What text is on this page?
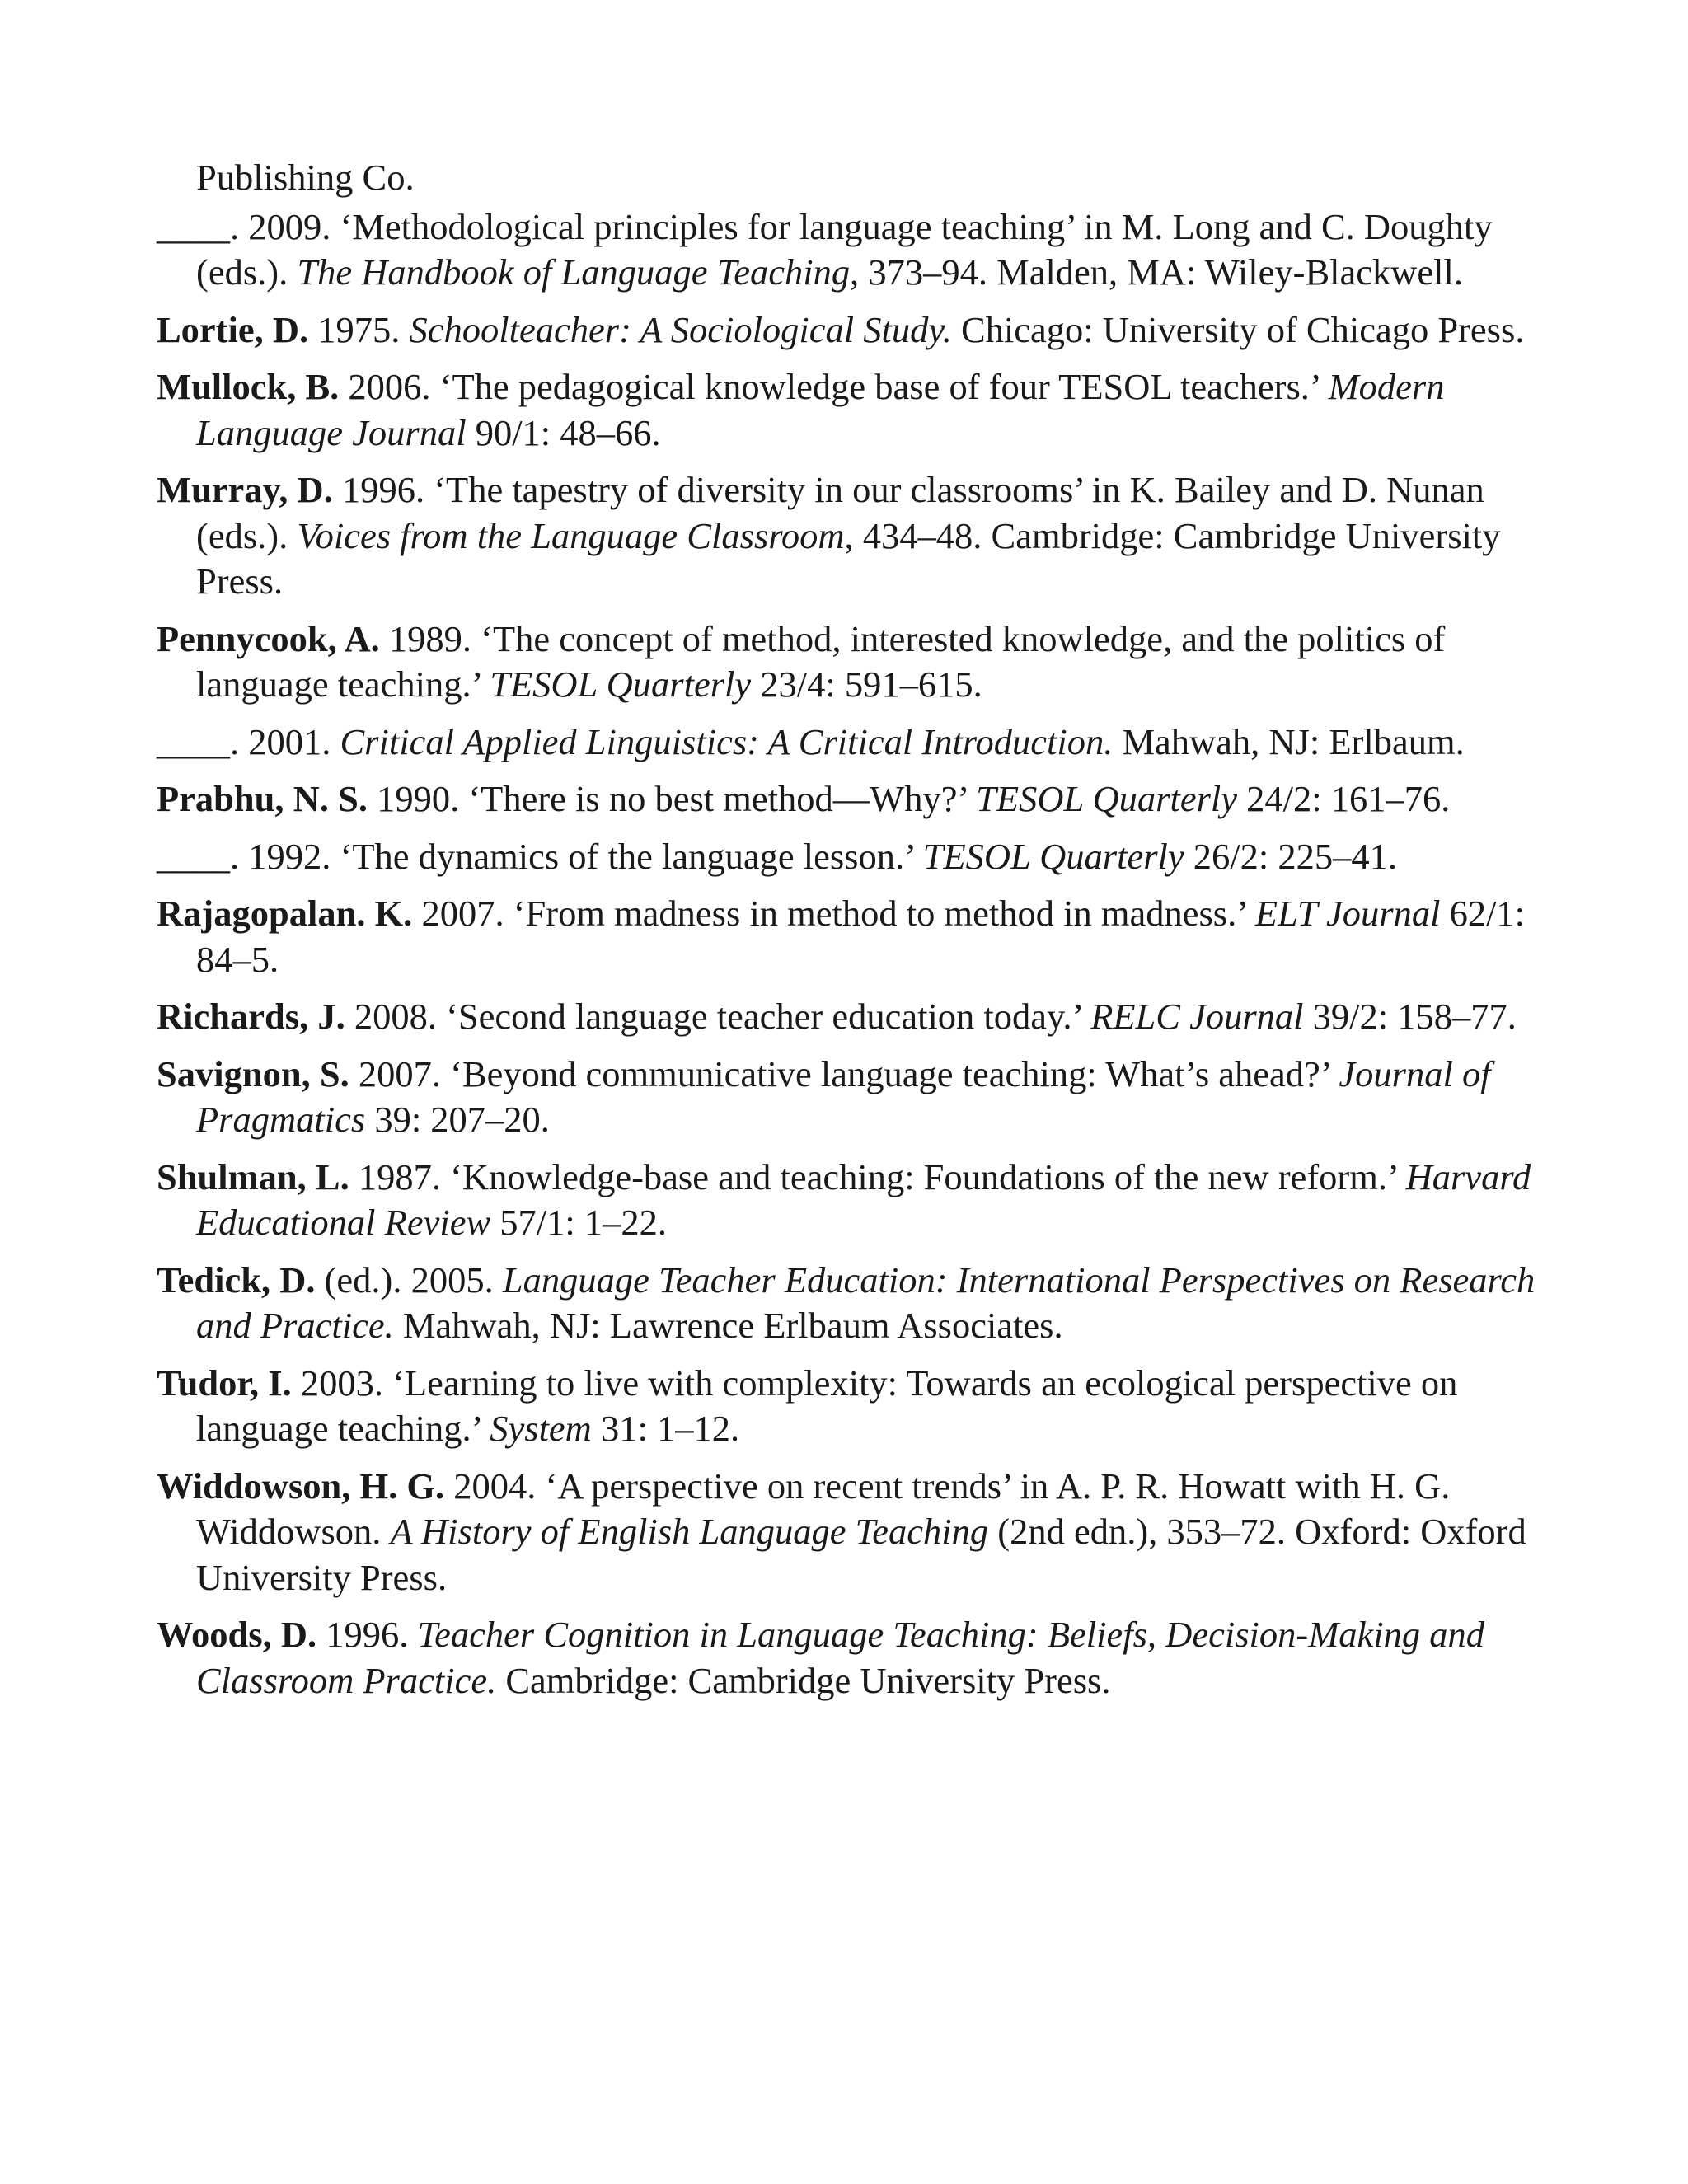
Publishing Co.

____. 2009. ‘Methodological principles for language teaching’ in M. Long and C. Doughty (eds.). The Handbook of Language Teaching, 373–94. Malden, MA: Wiley-Blackwell.

Lortie, D. 1975. Schoolteacher: A Sociological Study. Chicago: University of Chicago Press.

Mullock, B. 2006. ‘The pedagogical knowledge base of four TESOL teachers.’ Modern Language Journal 90/1: 48–66.

Murray, D. 1996. ‘The tapestry of diversity in our classrooms’ in K. Bailey and D. Nunan (eds.). Voices from the Language Classroom, 434–48. Cambridge: Cambridge University Press.

Pennycook, A. 1989. ‘The concept of method, interested knowledge, and the politics of language teaching.’ TESOL Quarterly 23/4: 591–615.

____. 2001. Critical Applied Linguistics: A Critical Introduction. Mahwah, NJ: Erlbaum.

Prabhu, N. S. 1990. ‘There is no best method—Why?’ TESOL Quarterly 24/2: 161–76.

____. 1992. ‘The dynamics of the language lesson.’ TESOL Quarterly 26/2: 225–41.

Rajagopalan. K. 2007. ‘From madness in method to method in madness.’ ELT Journal 62/1: 84–5.

Richards, J. 2008. ‘Second language teacher education today.’ RELC Journal 39/2: 158–77.

Savignon, S. 2007. ‘Beyond communicative language teaching: What’s ahead?’ Journal of Pragmatics 39: 207–20.

Shulman, L. 1987. ‘Knowledge-base and teaching: Foundations of the new reform.’ Harvard Educational Review 57/1: 1–22.

Tedick, D. (ed.). 2005. Language Teacher Education: International Perspectives on Research and Practice. Mahwah, NJ: Lawrence Erlbaum Associates.

Tudor, I. 2003. ‘Learning to live with complexity: Towards an ecological perspective on language teaching.’ System 31: 1–12.

Widdowson, H. G. 2004. ‘A perspective on recent trends’ in A. P. R. Howatt with H. G. Widdowson. A History of English Language Teaching (2nd edn.), 353–72. Oxford: Oxford University Press.

Woods, D. 1996. Teacher Cognition in Language Teaching: Beliefs, Decision-Making and Classroom Practice. Cambridge: Cambridge University Press.
